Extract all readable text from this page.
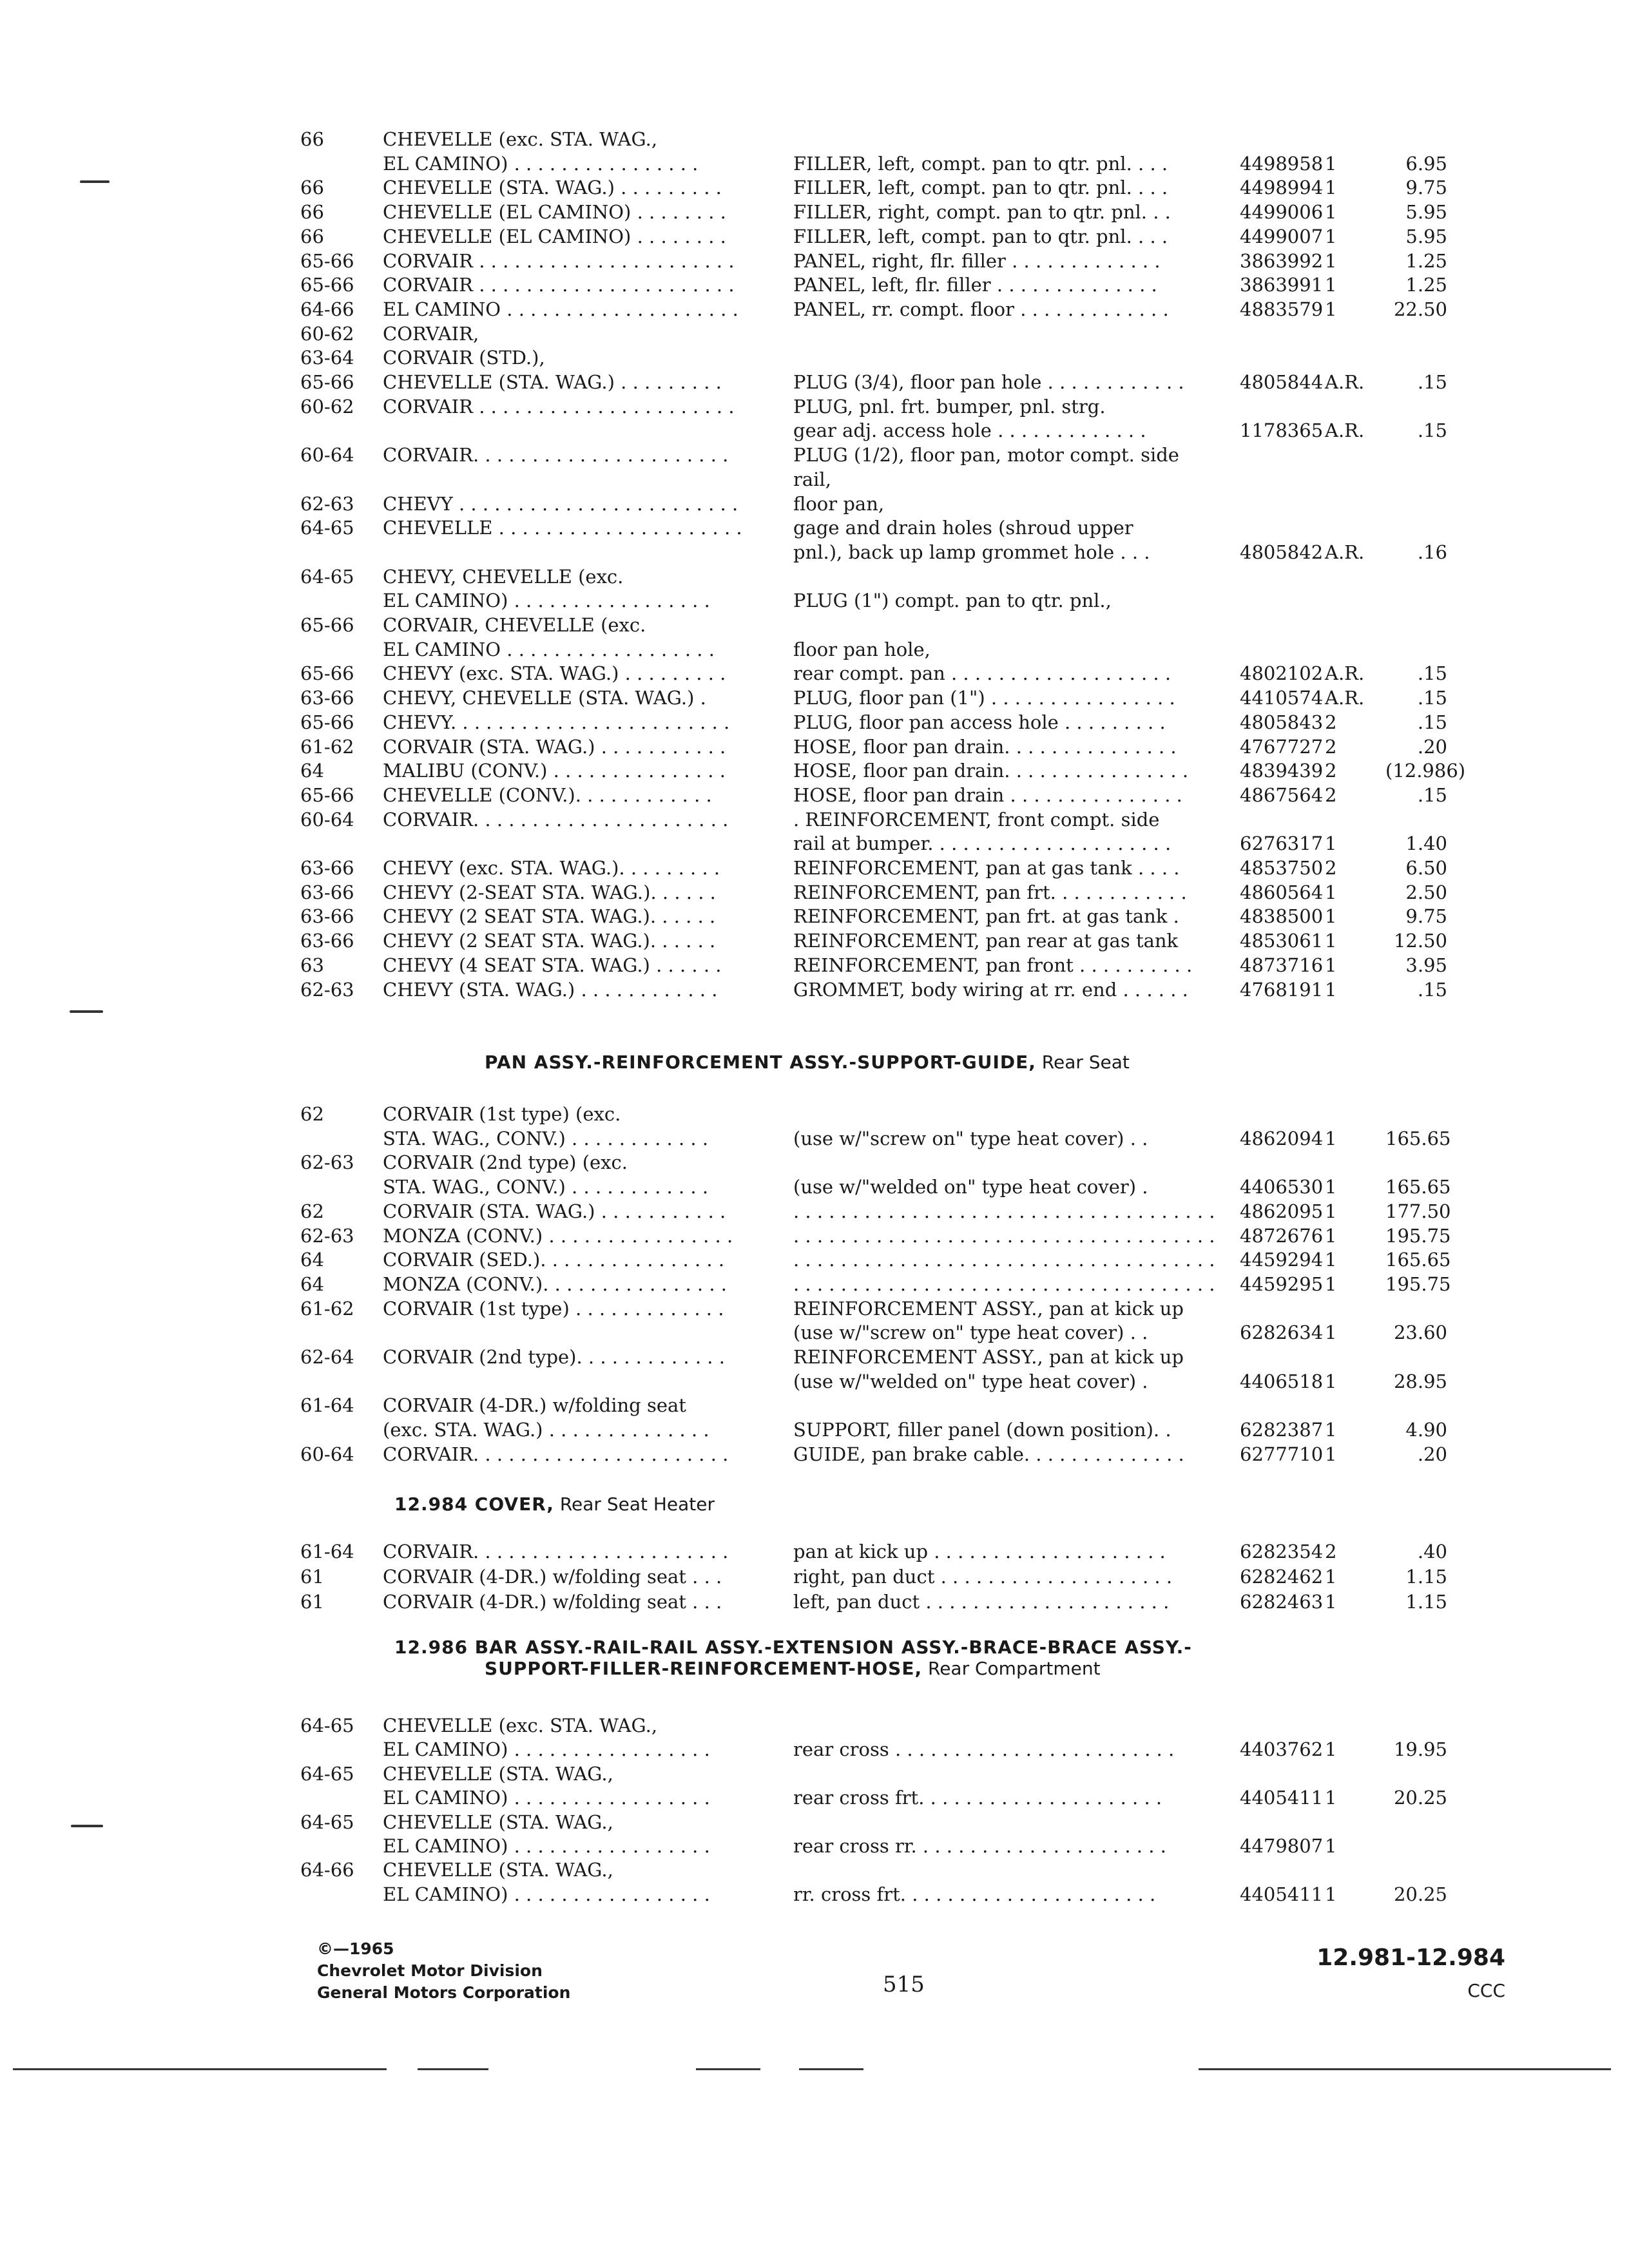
66	CHEVELLE (exc. STA. WAG.,
EL CAMINO) . . . . . . . . . . . . . . . .	FILLER, left, compt. pan to qtr. pnl. . . .	4498958 1	6.95
66	CHEVELLE (STA. WAG.) . . . . . . . . .	FILLER, left, compt. pan to qtr. pnl. . . .	4498994 1	9.75
66	CHEVELLE (EL CAMINO) . . . . . . . .	FILLER, right, compt. pan to qtr. pnl. . .	4499006 1	5.95
66	CHEVELLE (EL CAMINO) . . . . . . . .	FILLER, left, compt. pan to qtr. pnl. . . .	4499007 1	5.95
65-66	CORVAIR . . . . . . . . . . . . . . . . . . . . . .	PANEL, right, flr. filler . . . . . . . . . . . . .	3863992 1	1.25
65-66	CORVAIR . . . . . . . . . . . . . . . . . . . . . .	PANEL, left, flr. filler . . . . . . . . . . . . . .	3863991 1	1.25
64-66	EL CAMINO . . . . . . . . . . . . . . . . . . . .	PANEL, rr. compt. floor . . . . . . . . . . . . .	4883579 1	22.50
60-62	CORVAIR,
63-64	CORVAIR (STD.),
65-66	CHEVELLE (STA. WAG.) . . . . . . . . .	PLUG (3/4), floor pan hole . . . . . . . . . . . .	4805844 A.R.	.15
60-62	CORVAIR . . . . . . . . . . . . . . . . . . . . . .	PLUG, pnl. frt. bumper, pnl. strg.
gear adj. access hole . . . . . . . . . . . . .	1178365 A.R.	.15
60-64	CORVAIR. . . . . . . . . . . . . . . . . . . . . .	PLUG (1/2), floor pan, motor compt. side
rail,
62-63	CHEVY . . . . . . . . . . . . . . . . . . . . . . . .	floor pan,
64-65	CHEVELLE . . . . . . . . . . . . . . . . . . . . .	gage and drain holes (shroud upper
pnl.), back up lamp grommet hole . . .	4805842 A.R.	.16
64-65	CHEVY, CHEVELLE (exc.
EL CAMINO) . . . . . . . . . . . . . . . . .	PLUG (1") compt. pan to qtr. pnl.,
65-66	CORVAIR, CHEVELLE (exc.
EL CAMINO . . . . . . . . . . . . . . . . . .	floor pan hole,
65-66	CHEVY (exc. STA. WAG.) . . . . . . . . .	rear compt. pan . . . . . . . . . . . . . . . . . . .	4802102 A.R.	.15
63-66	CHEVY, CHEVELLE (STA. WAG.) .	PLUG, floor pan (1") . . . . . . . . . . . . . . . .	4410574 A.R.	.15
65-66	CHEVY. . . . . . . . . . . . . . . . . . . . . . . .	PLUG, floor pan access hole . . . . . . . . .	4805843 2	.15
61-62	CORVAIR (STA. WAG.) . . . . . . . . . . .	HOSE, floor pan drain. . . . . . . . . . . . . . .	4767727 2	.20
64	MALIBU (CONV.) . . . . . . . . . . . . . . .	HOSE, floor pan drain. . . . . . . . . . . . . . . .	4839439 2	(12.986)
65-66	CHEVELLE (CONV.). . . . . . . . . . . .	HOSE, floor pan drain . . . . . . . . . . . . . . .	4867564 2	.15
60-64	CORVAIR. . . . . . . . . . . . . . . . . . . . . .	. REINFORCEMENT, front compt. side
rail at bumper. . . . . . . . . . . . . . . . . . . . .	6276317 1	1.40
63-66	CHEVY (exc. STA. WAG.). . . . . . . . .	REINFORCEMENT, pan at gas tank . . . .	4853750 2	6.50
63-66	CHEVY (2-SEAT STA. WAG.). . . . . .	REINFORCEMENT, pan frt. . . . . . . . . . . .	4860564 1	2.50
63-66	CHEVY (2 SEAT STA. WAG.). . . . . .	REINFORCEMENT, pan frt. at gas tank .	4838500 1	9.75
63-66	CHEVY (2 SEAT STA. WAG.). . . . . .	REINFORCEMENT, pan rear at gas tank	4853061 1	12.50
63	CHEVY (4 SEAT STA. WAG.) . . . . . .	REINFORCEMENT, pan front . . . . . . . . . .	4873716 1	3.95
62-63	CHEVY (STA. WAG.) . . . . . . . . . . . .	GROMMET, body wiring at rr. end . . . . . .	4768191 1	.15
PAN ASSY.-REINFORCEMENT ASSY.-SUPPORT-GUIDE, Rear Seat
62	CORVAIR (1st type) (exc.
STA. WAG., CONV.) . . . . . . . . . . . .	(use w/"screw on" type heat cover) . .	4862094 1	165.65
62-63	CORVAIR (2nd type) (exc.
STA. WAG., CONV.) . . . . . . . . . . . .	(use w/"welded on" type heat cover) .	4406530 1	165.65
62	CORVAIR (STA. WAG.) . . . . . . . . . . .	. . . . . . . . . . . . . . . . . . . . . . . . . . . . . . . . . . . . 4862095 1	177.50
62-63	MONZA (CONV.) . . . . . . . . . . . . . . . .	. . . . . . . . . . . . . . . . . . . . . . . . . . . . . . . . . . . . 4872676 1	195.75
64	CORVAIR (SED.). . . . . . . . . . . . . . . .	. . . . . . . . . . . . . . . . . . . . . . . . . . . . . . . . . . . . 4459294 1	165.65
64	MONZA (CONV.). . . . . . . . . . . . . . . .	. . . . . . . . . . . . . . . . . . . . . . . . . . . . . . . . . . . . 4459295 1	195.75
61-62	CORVAIR (1st type) . . . . . . . . . . . . .	REINFORCEMENT ASSY., pan at kick up
(use w/"screw on" type heat cover) . .	6282634 1	23.60
62-64	CORVAIR (2nd type). . . . . . . . . . . . .	REINFORCEMENT ASSY., pan at kick up
(use w/"welded on" type heat cover) .	4406518 1	28.95
61-64	CORVAIR (4-DR.) w/folding seat
(exc. STA. WAG.) . . . . . . . . . . . . . .	SUPPORT, filler panel (down position). .	6282387 1	4.90
60-64	CORVAIR. . . . . . . . . . . . . . . . . . . . . .	GUIDE, pan brake cable. . . . . . . . . . . . . .	6277710 1	.20
12.984 COVER, Rear Seat Heater
61-64	CORVAIR. . . . . . . . . . . . . . . . . . . . . .	pan at kick up . . . . . . . . . . . . . . . . . . . .	6282354 2	.40
61	CORVAIR (4-DR.) w/folding seat . . .	right, pan duct . . . . . . . . . . . . . . . . . . . .	6282462 1	1.15
61	CORVAIR (4-DR.) w/folding seat . . .	left, pan duct . . . . . . . . . . . . . . . . . . . . .	6282463 1	1.15
12.986 BAR ASSY.-RAIL-RAIL ASSY.-EXTENSION ASSY.-BRACE-BRACE ASSY.-
SUPPORT-FILLER-REINFORCEMENT-HOSE, Rear Compartment
64-65	CHEVELLE (exc. STA. WAG.,
EL CAMINO) . . . . . . . . . . . . . . . . .	rear cross . . . . . . . . . . . . . . . . . . . . . . . .	4403762 1	19.95
64-65	CHEVELLE (STA. WAG.,
EL CAMINO) . . . . . . . . . . . . . . . . .	rear cross frt. . . . . . . . . . . . . . . . . . . . .	4405411 1	20.25
64-65	CHEVELLE (STA. WAG.,
EL CAMINO) . . . . . . . . . . . . . . . . .	rear cross rr. . . . . . . . . . . . . . . . . . . . . .	4479807 1
64-66	CHEVELLE (STA. WAG.,
EL CAMINO) . . . . . . . . . . . . . . . . .	rr. cross frt. . . . . . . . . . . . . . . . . . . . . .	4405411 1	20.25
©—1965
Chevrolet Motor Division
General Motors Corporation	515
12.981-12.984
CCC
